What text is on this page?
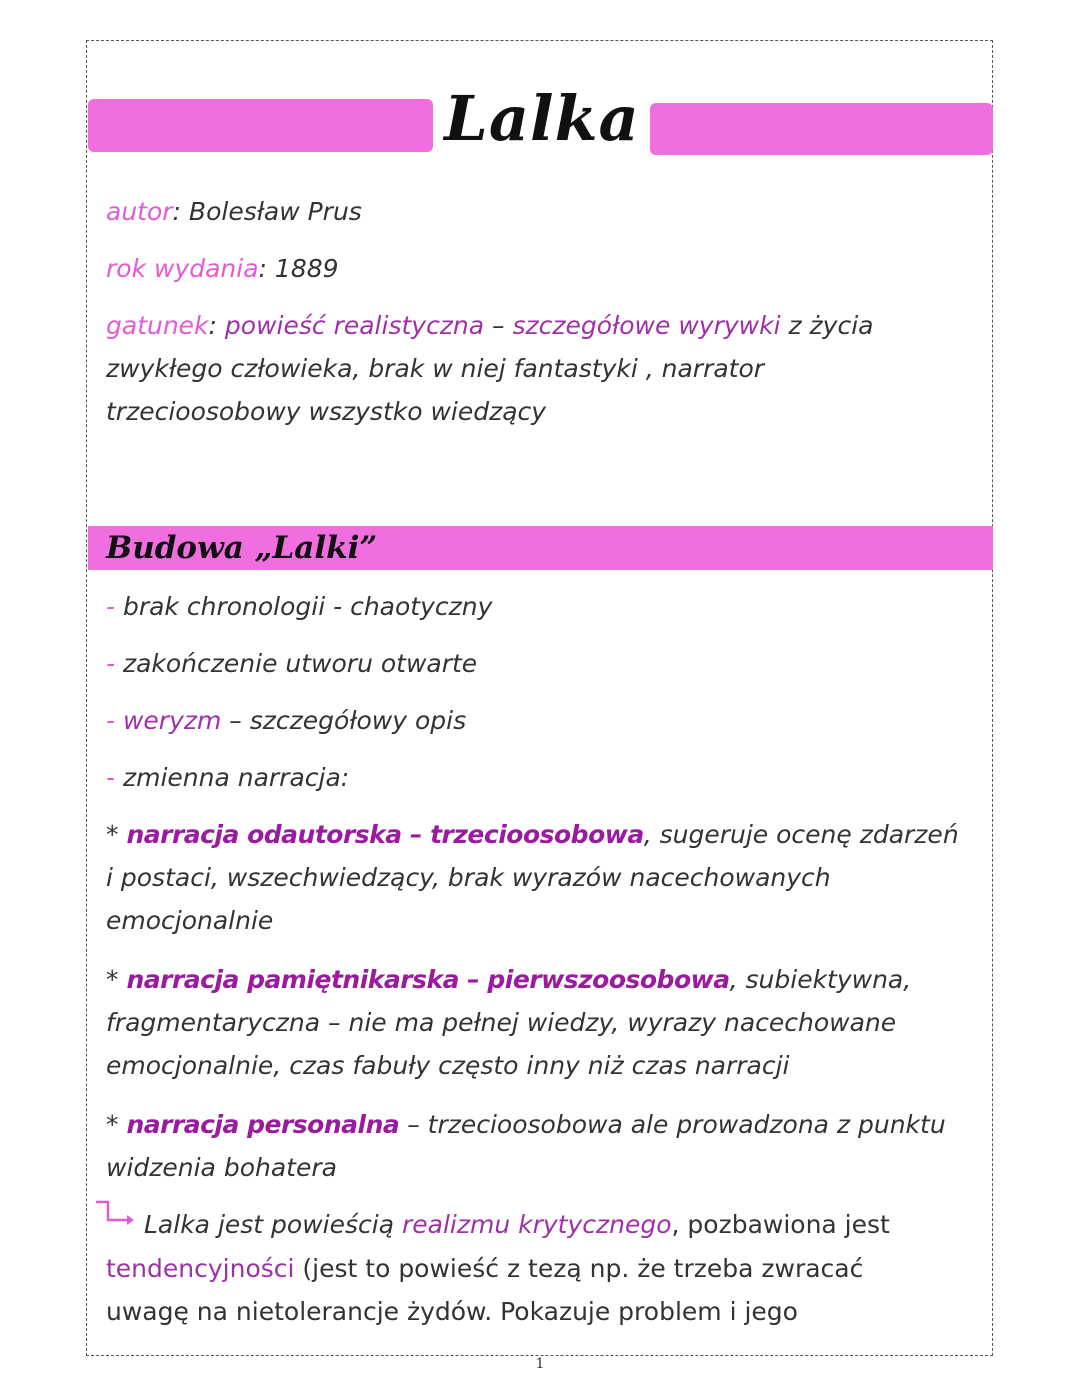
Lalka
autor: Bolesław Prus
rok wydania: 1889
gatunek: powieść realistyczna – szczegółowe wyrywki z życia
zwykłego człowieka, brak w niej fantastyki , narrator
trzecioosobowy wszystko wiedzący
Budowa „Lalki”
- brak chronologii - chaotyczny
- zakończenie utworu otwarte
- weryzm – szczegółowy opis
- zmienna narracja:
* narracja odautorska – trzecioosobowa, sugeruje ocenę zdarzeń
i postaci, wszechwiedzący, brak wyrazów nacechowanych
emocjonalnie
* narracja pamiętnikarska – pierwszoosobowa, subiektywna,
fragmentaryczna – nie ma pełnej wiedzy, wyrazy nacechowane
emocjonalnie, czas fabuły często inny niż czas narracji
* narracja personalna – trzecioosobowa ale prowadzona z punktu
widzenia bohatera
Lalka jest powieścią realizmu krytycznego, pozbawiona jest
tendencyjności (jest to powieść z tezą np. że trzeba zwracać
uwagę na nietolerancje żydów. Pokazuje problem i jego
1
